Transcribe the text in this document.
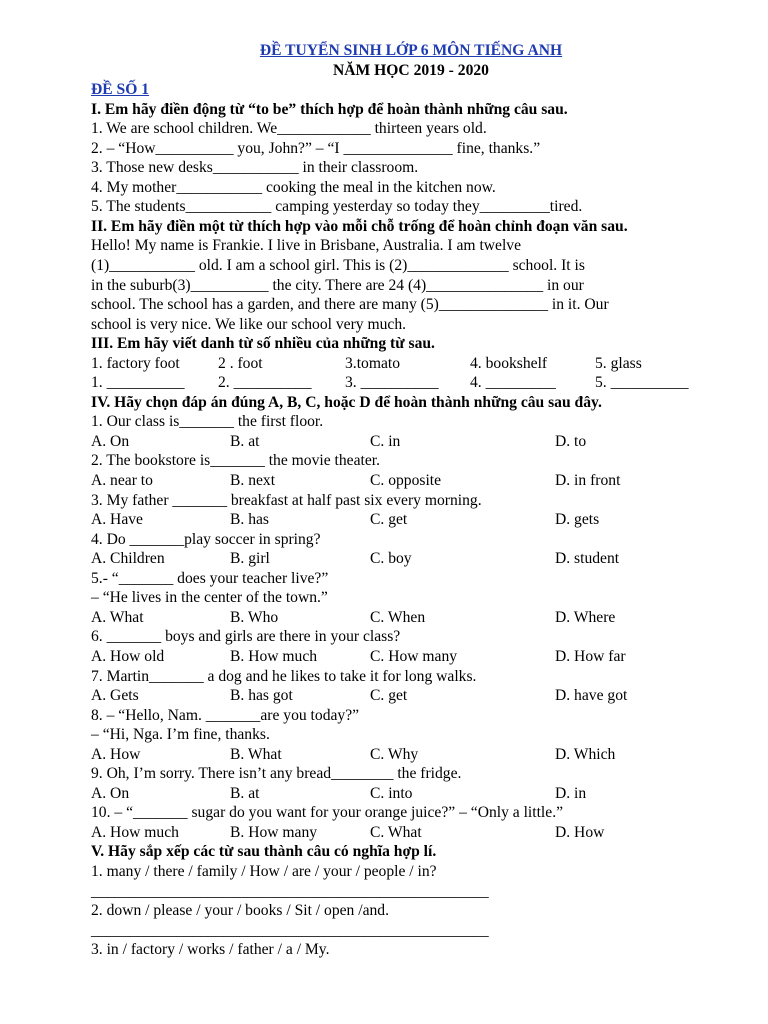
ĐỀ TUYỂN SINH LỚP 6 MÔN TIẾNG ANH
NĂM HỌC 2019 - 2020
ĐỀ SỐ 1
I. Em hãy điền động từ “to be” thích hợp để hoàn thành những câu sau.
1. We are school children. We____________ thirteen years old.
2. – “How__________ you, John?” – “I ______________ fine, thanks.”
3. Those new desks___________ in their classroom.
4. My mother___________ cooking the meal in the kitchen now.
5. The students___________ camping yesterday so today they_________tired.
II. Em hãy điền một từ thích hợp vào mỗi chỗ trống để hoàn chỉnh đoạn văn sau.
Hello! My name is Frankie. I live in Brisbane, Australia. I am twelve
(1)___________ old. I am a school girl. This is (2)_____________ school. It is
in the suburb(3)__________ the city. There are 24 (4)_______________ in our
school. The school has a garden, and there are many (5)______________ in it. Our
school is very nice. We like our school very much.
III. Em hãy viết danh từ số nhiều của những từ sau.
1. factory foot	2 . foot	3.tomato	4. bookshelf	5. glass
1. __________	2. __________	3. __________	4. _________	5. __________
IV. Hãy chọn đáp án đúng A, B, C, hoặc D để hoàn thành những câu sau đây.
1. Our class is_______ the first floor.
A. On	B. at	C. in	D. to
2. The bookstore is_______ the movie theater.
A. near to	B. next	C. opposite	D. in front
3. My father _______ breakfast at half past six every morning.
A. Have	B. has	C. get	D. gets
4. Do _______play soccer in spring?
A. Children	B. girl	C. boy	D. student
5.- “_______ does your teacher live?”
– “He lives in the center of the town.”
A. What	B. Who	C. When	D. Where
6. _______ boys and girls are there in your class?
A. How old	B. How much	C. How many	D. How far
7. Martin_______ a dog and he likes to take it for long walks.
A. Gets	B. has got	C. get	D. have got
8. – “Hello, Nam. _______are you today?”
– “Hi, Nga. I’m fine, thanks.
A. How	B. What	C. Why	D. Which
9. Oh, I’m sorry. There isn’t any bread________ the fridge.
A. On	B. at	C. into	D. in
10. – “_______ sugar do you want for your orange juice?” – “Only a little.”
A. How much	B. How many	C. What	D. How
V. Hãy sắp xếp các từ sau thành câu có nghĩa hợp lí.
1. many / there / family / How / are / your / people / in?
___________________________________________________
2. down / please / your / books / Sit / open /and.
___________________________________________________
3. in / factory / works / father / a / My.
